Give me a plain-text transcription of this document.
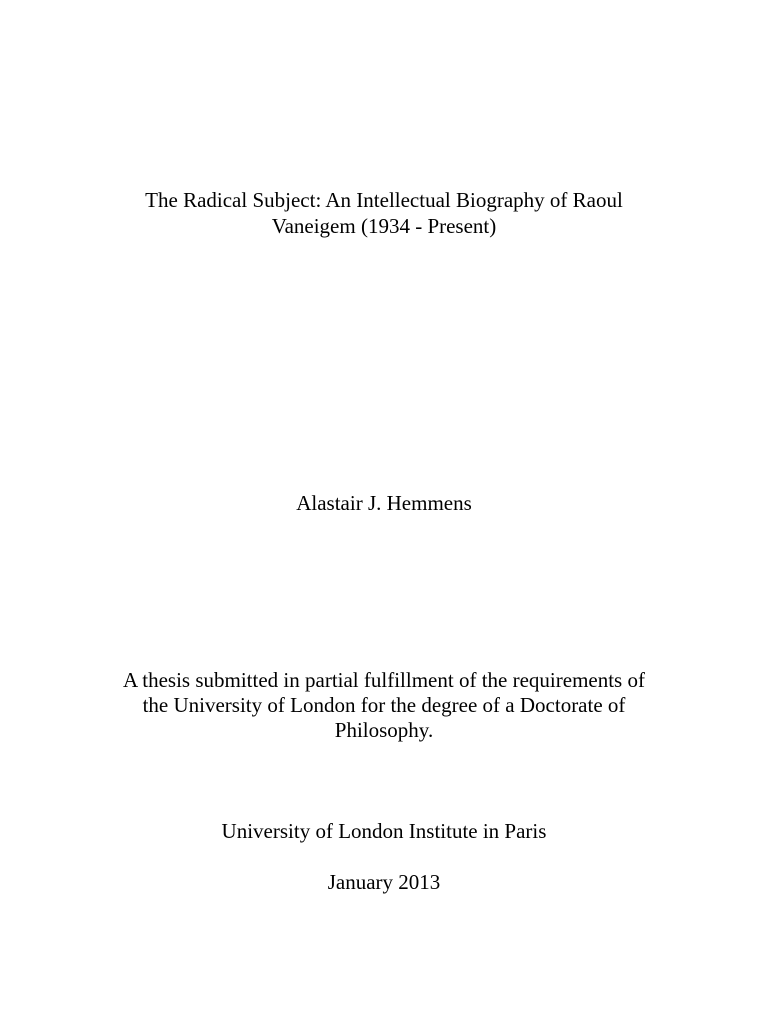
The Radical Subject: An Intellectual Biography of Raoul
Vaneigem (1934 - Present)
Alastair J. Hemmens
A thesis submitted in partial fulfillment of the requirements of
the University of London for the degree of a Doctorate of
Philosophy.
University of London Institute in Paris
January 2013
